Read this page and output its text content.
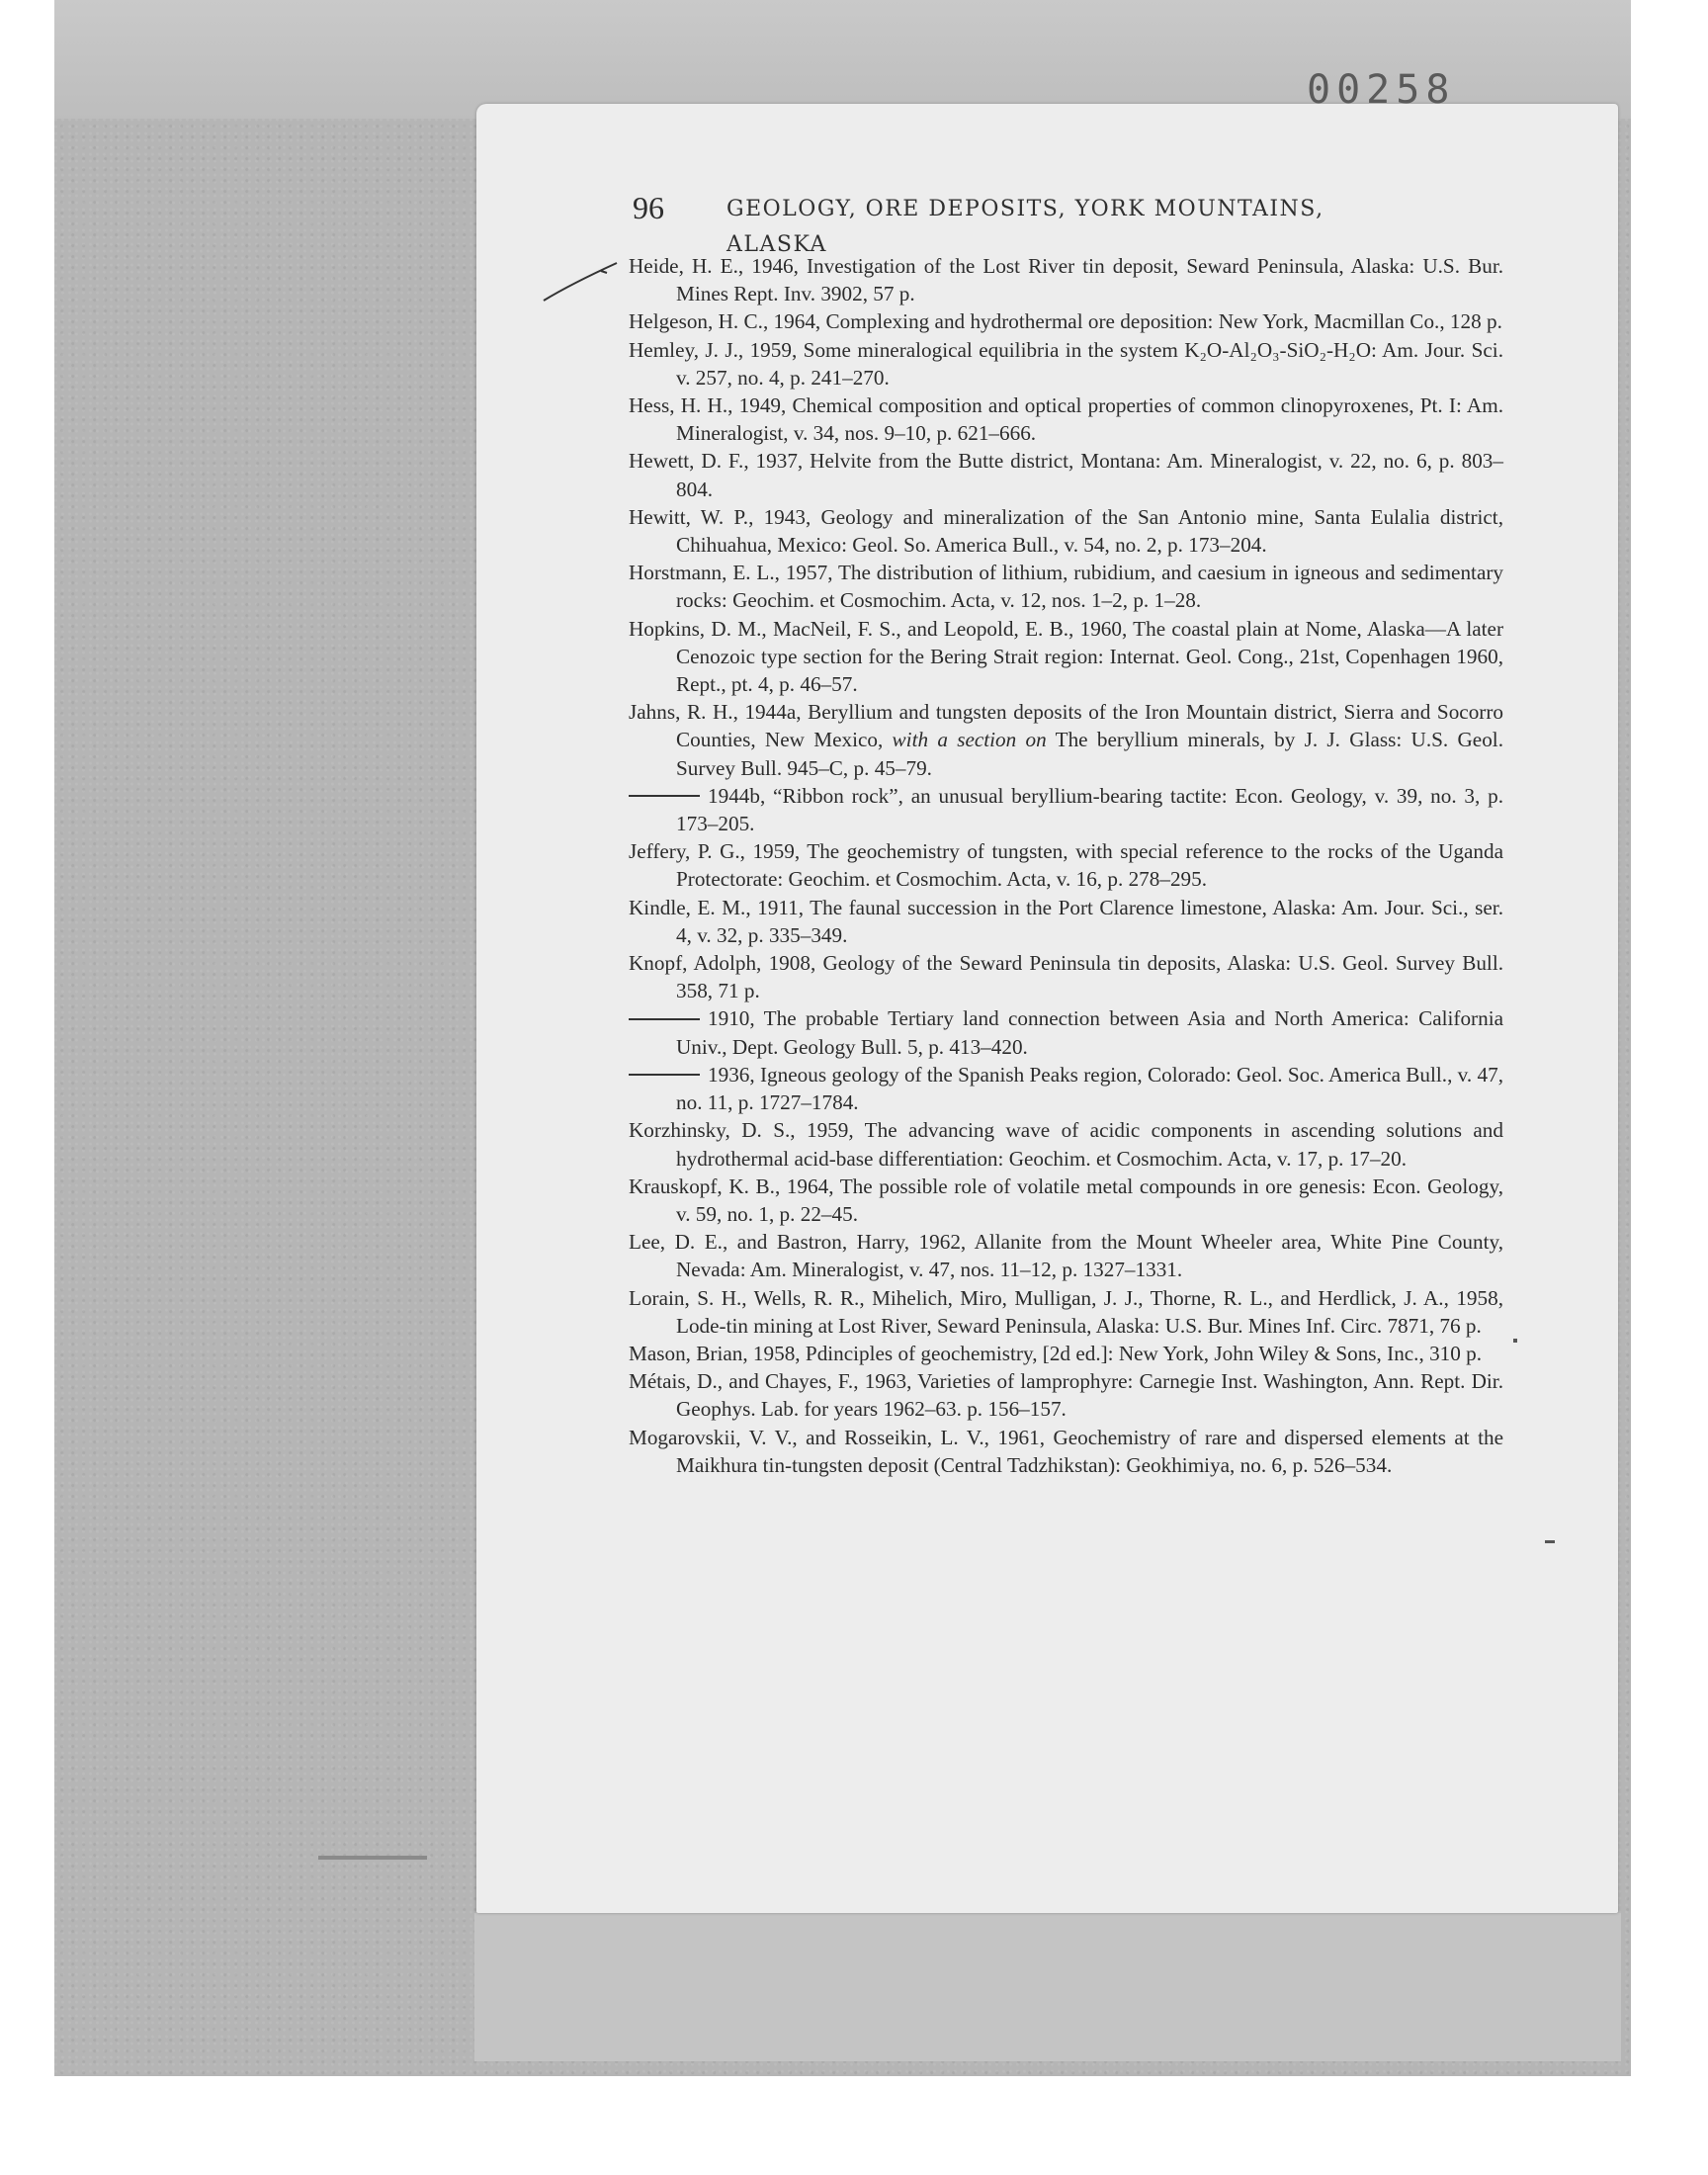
00258
96	GEOLOGY, ORE DEPOSITS, YORK MOUNTAINS, ALASKA
Heide, H. E., 1946, Investigation of the Lost River tin deposit, Seward Peninsula, Alaska: U.S. Bur. Mines Rept. Inv. 3902, 57 p.
Helgeson, H. C., 1964, Complexing and hydrothermal ore deposition: New York, Macmillan Co., 128 p.
Hemley, J. J., 1959, Some mineralogical equilibria in the system K₂O-Al₂O₃-SiO₂-H₂O: Am. Jour. Sci. v. 257, no. 4, p. 241–270.
Hess, H. H., 1949, Chemical composition and optical properties of common clinopyroxenes, Pt. I: Am. Mineralogist, v. 34, nos. 9–10, p. 621–666.
Hewett, D. F., 1937, Helvite from the Butte district, Montana: Am. Mineralogist, v. 22, no. 6, p. 803–804.
Hewitt, W. P., 1943, Geology and mineralization of the San Antonio mine, Santa Eulalia district, Chihuahua, Mexico: Geol. So. America Bull., v. 54, no. 2, p. 173–204.
Horstmann, E. L., 1957, The distribution of lithium, rubidium, and caesium in igneous and sedimentary rocks: Geochim. et Cosmochim. Acta, v. 12, nos. 1–2, p. 1–28.
Hopkins, D. M., MacNeil, F. S., and Leopold, E. B., 1960, The coastal plain at Nome, Alaska—A later Cenozoic type section for the Bering Strait region: Internat. Geol. Cong., 21st, Copenhagen 1960, Rept., pt. 4, p. 46–57.
Jahns, R. H., 1944a, Beryllium and tungsten deposits of the Iron Mountain district, Sierra and Socorro Counties, New Mexico, with a section on The beryllium minerals, by J. J. Glass: U.S. Geol. Survey Bull. 945–C, p. 45–79.
1944b, “Ribbon rock”, an unusual beryllium-bearing tactite: Econ. Geology, v. 39, no. 3, p. 173–205.
Jeffery, P. G., 1959, The geochemistry of tungsten, with special reference to the rocks of the Uganda Protectorate: Geochim. et Cosmochim. Acta, v. 16, p. 278–295.
Kindle, E. M., 1911, The faunal succession in the Port Clarence limestone, Alaska: Am. Jour. Sci., ser. 4, v. 32, p. 335–349.
Knopf, Adolph, 1908, Geology of the Seward Peninsula tin deposits, Alaska: U.S. Geol. Survey Bull. 358, 71 p.
1910, The probable Tertiary land connection between Asia and North America: California Univ., Dept. Geology Bull. 5, p. 413–420.
1936, Igneous geology of the Spanish Peaks region, Colorado: Geol. Soc. America Bull., v. 47, no. 11, p. 1727–1784.
Korzhinsky, D. S., 1959, The advancing wave of acidic components in ascending solutions and hydrothermal acid-base differentiation: Geochim. et Cosmochim. Acta, v. 17, p. 17–20.
Krauskopf, K. B., 1964, The possible role of volatile metal compounds in ore genesis: Econ. Geology, v. 59, no. 1, p. 22–45.
Lee, D. E., and Bastron, Harry, 1962, Allanite from the Mount Wheeler area, White Pine County, Nevada: Am. Mineralogist, v. 47, nos. 11–12, p. 1327–1331.
Lorain, S. H., Wells, R. R., Mihelich, Miro, Mulligan, J. J., Thorne, R. L., and Herdlick, J. A., 1958, Lode-tin mining at Lost River, Seward Peninsula, Alaska: U.S. Bur. Mines Inf. Circ. 7871, 76 p.
Mason, Brian, 1958, Pdinciples of geochemistry, [2d ed.]: New York, John Wiley & Sons, Inc., 310 p.
Métais, D., and Chayes, F., 1963, Varieties of lamprophyre: Carnegie Inst. Washington, Ann. Rept. Dir. Geophys. Lab. for years 1962–63. p. 156–157.
Mogarovskii, V. V., and Rosseikin, L. V., 1961, Geochemistry of rare and dispersed elements at the Maikhura tin-tungsten deposit (Central Tadzhikstan): Geokhimiya, no. 6, p. 526–534.
